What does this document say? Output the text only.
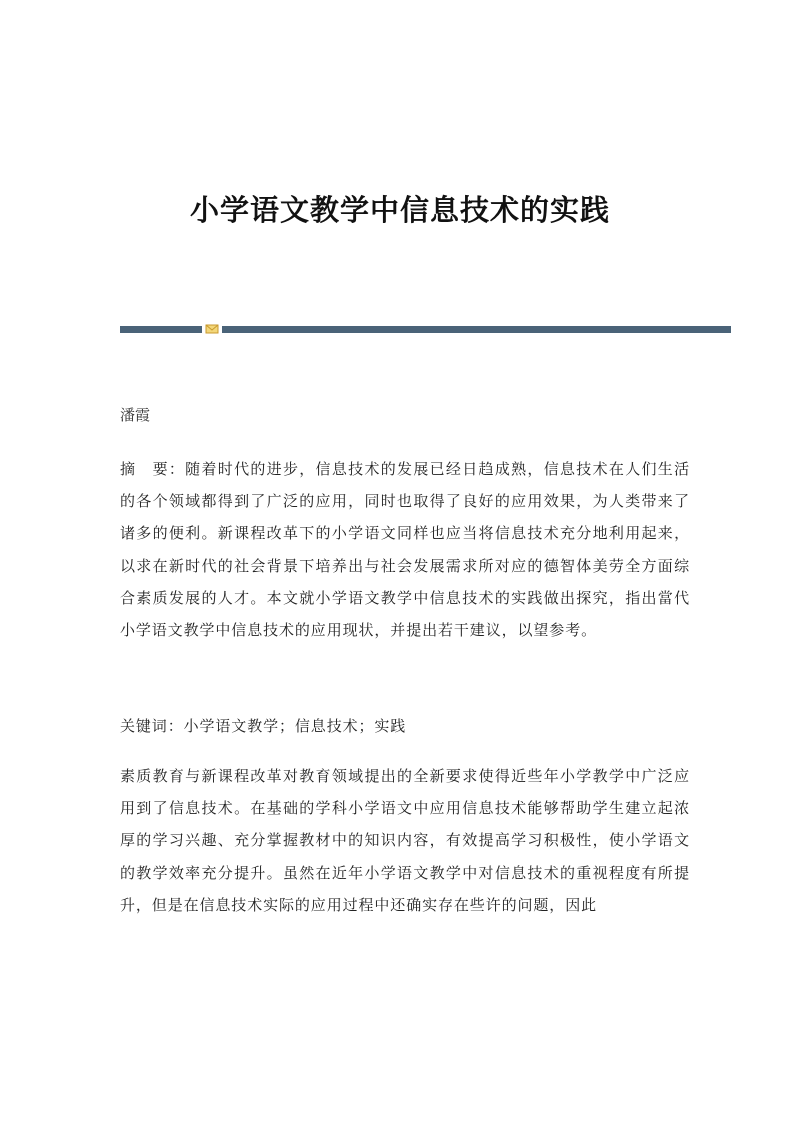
小学语文教学中信息技术的实践
潘霞

摘　要：随着时代的进步，信息技术的发展已经日趋成熟，信息技术在人们生活的各个领域都得到了广泛的应用，同时也取得了良好的应用效果，为人类带来了诸多的便利。新课程改革下的小学语文同样也应当将信息技术充分地利用起来，以求在新时代的社会背景下培养出与社会发展需求所对应的德智体美劳全方面综合素质发展的人才。本文就小学语文教学中信息技术的实践做出探究，指出當代小学语文教学中信息技术的应用现状，并提出若干建议，以望参考。

关键词：小学语文教学；信息技术；实践

素质教育与新课程改革对教育领域提出的全新要求使得近些年小学教学中广泛应用到了信息技术。在基础的学科小学语文中应用信息技术能够帮助学生建立起浓厚的学习兴趣、充分掌握教材中的知识内容，有效提高学习积极性，使小学语文的教学效率充分提升。虽然在近年小学语文教学中对信息技术的重视程度有所提升，但是在信息技术实际的应用过程中还确实存在些许的问题，因此
